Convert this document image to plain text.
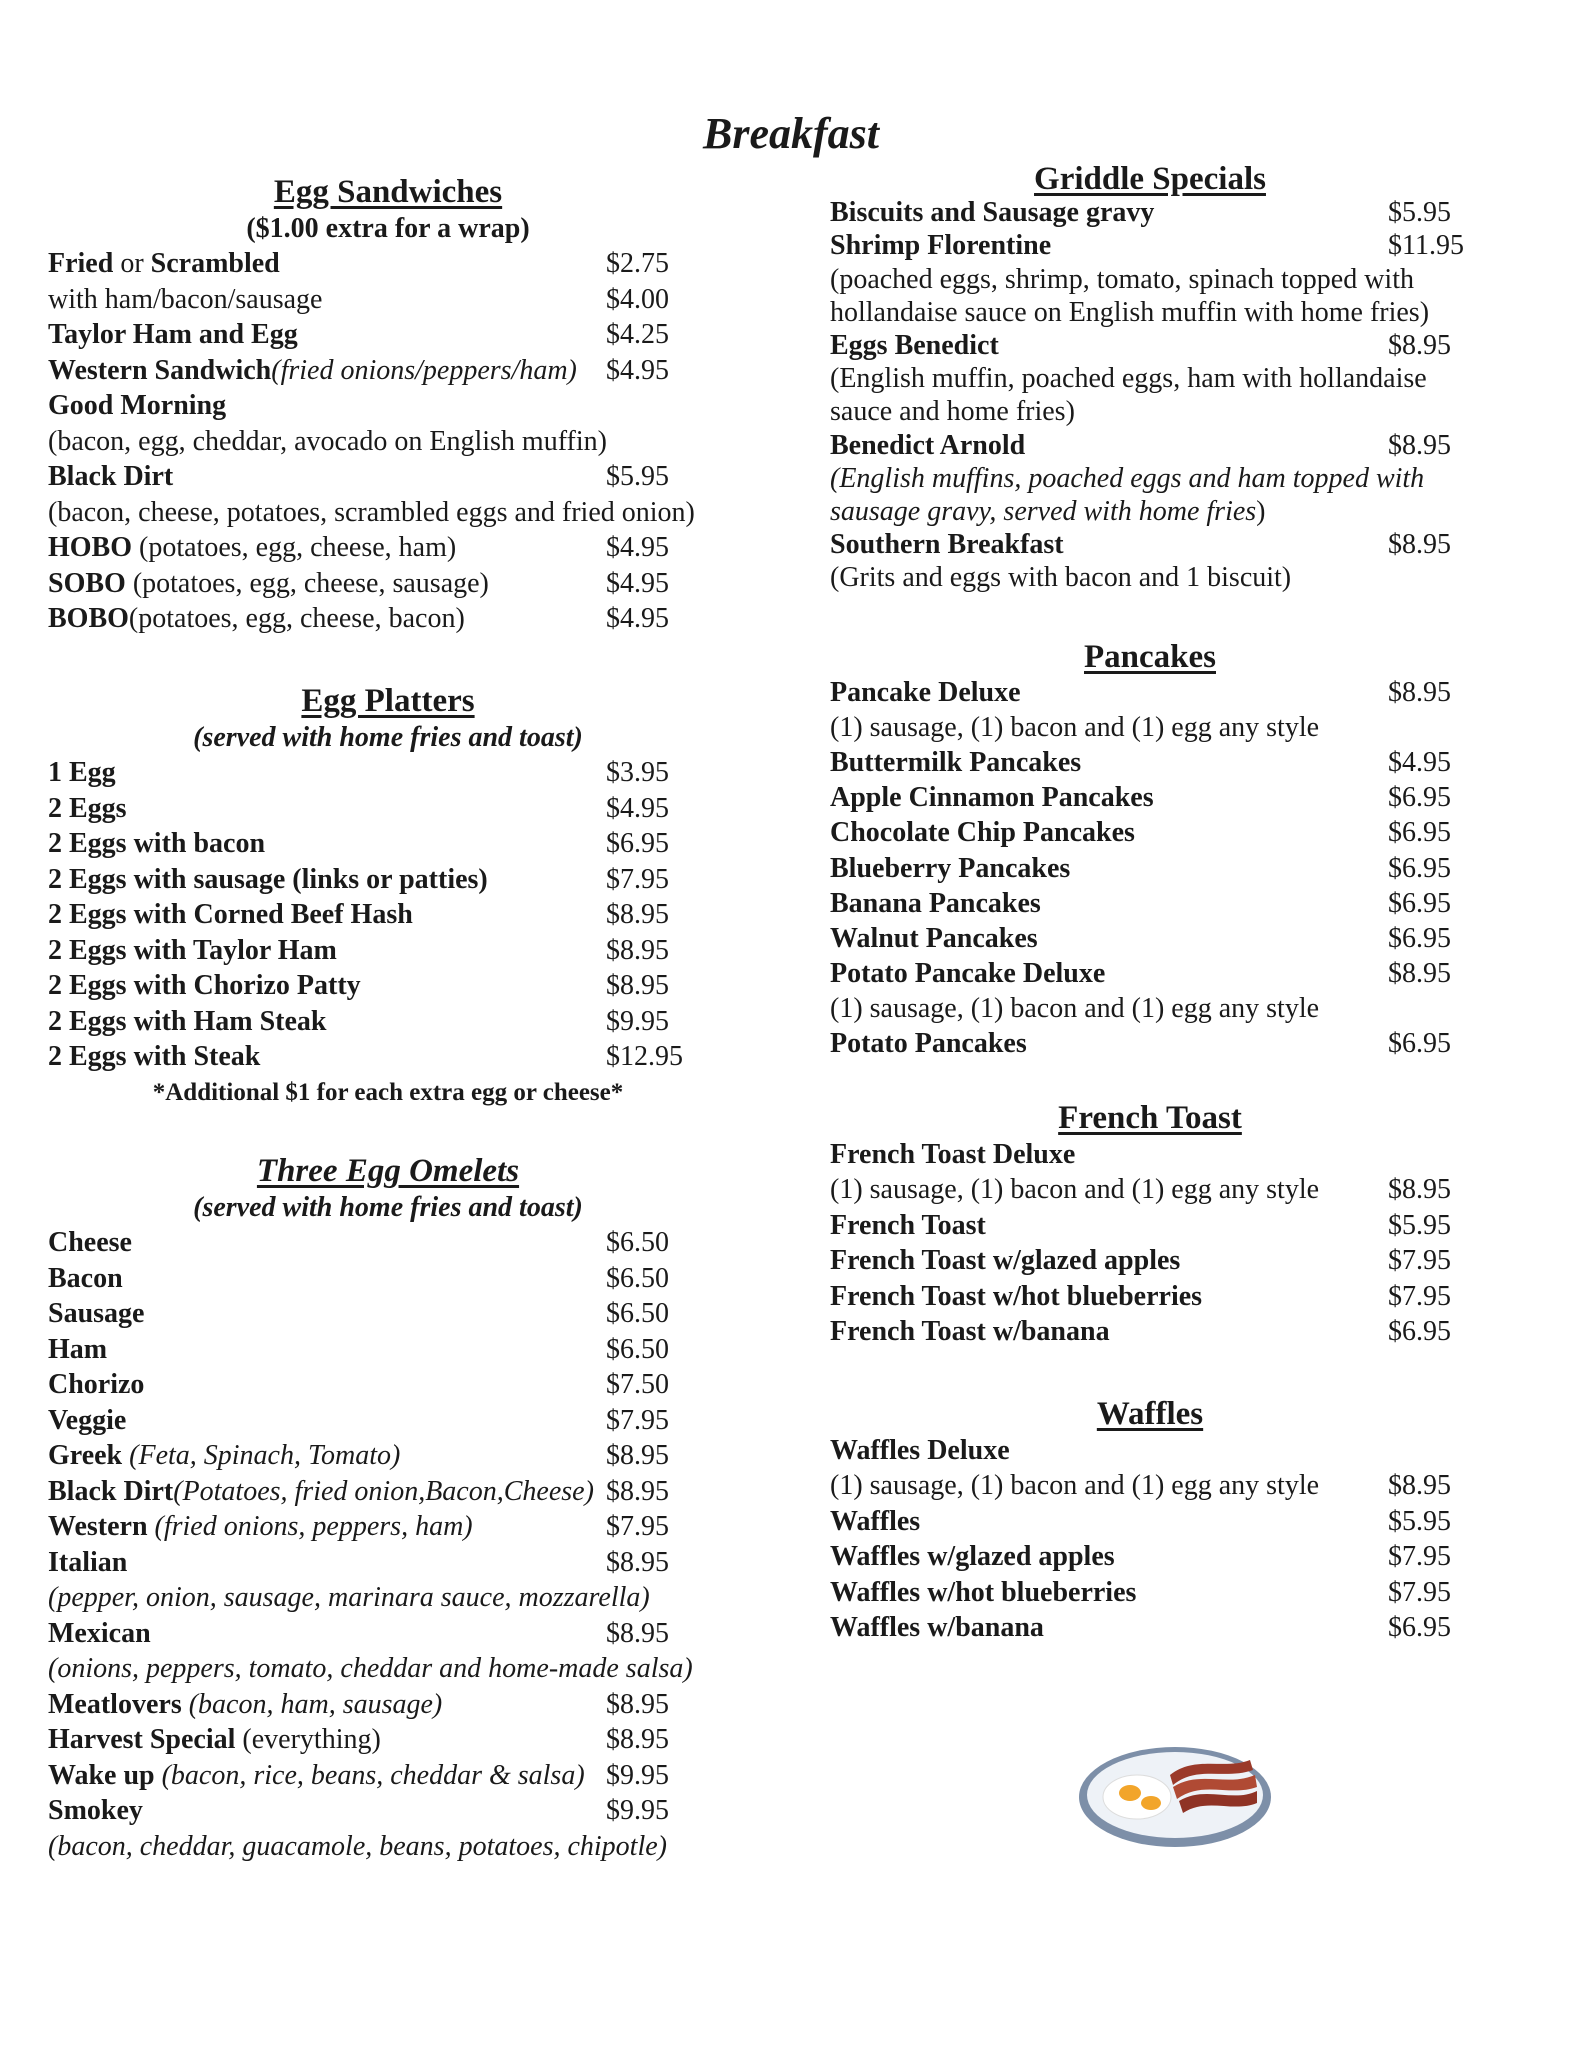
Breakfast
Egg Sandwiches
($1.00 extra for a wrap)
Fried or Scrambled	$2.75
with ham/bacon/sausage	$4.00
Taylor Ham and Egg	$4.25
Western Sandwich(fried onions/peppers/ham) $4.95
Good Morning
(bacon, egg, cheddar, avocado on English muffin)
Black Dirt	$5.95
(bacon, cheese, potatoes, scrambled eggs and fried onion)
HOBO (potatoes, egg, cheese, ham)	$4.95
SOBO (potatoes, egg, cheese, sausage)	$4.95
BOBO(potatoes, egg, cheese, bacon)	$4.95
Egg Platters
(served with home fries and toast)
1 Egg	$3.95
2 Eggs	$4.95
2 Eggs with bacon	$6.95
2 Eggs with sausage (links or patties)	$7.95
2 Eggs with Corned Beef Hash	$8.95
2 Eggs with Taylor Ham	$8.95
2 Eggs with Chorizo Patty	$8.95
2 Eggs with Ham Steak	$9.95
2 Eggs with Steak	$12.95
*Additional $1 for each extra egg or cheese*
Three Egg Omelets
(served with home fries and toast)
Cheese	$6.50
Bacon	$6.50
Sausage	$6.50
Ham	$6.50
Chorizo	$7.50
Veggie	$7.95
Greek (Feta, Spinach, Tomato)	$8.95
Black Dirt(Potatoes, fried onion,Bacon,Cheese) $8.95
Western (fried onions, peppers, ham)	$7.95
Italian	$8.95
(pepper, onion, sausage, marinara sauce, mozzarella)
Mexican	$8.95
(onions, peppers, tomato, cheddar and home-made salsa)
Meatlovers (bacon, ham, sausage)	$8.95
Harvest Special (everything)	$8.95
Wake up (bacon, rice, beans, cheddar & salsa) $9.95
Smokey	$9.95
(bacon, cheddar, guacamole, beans, potatoes, chipotle)
Griddle Specials
Biscuits and Sausage gravy	$5.95
Shrimp Florentine	$11.95
(poached eggs, shrimp, tomato, spinach topped with
hollandaise sauce on English muffin with home fries)
Eggs Benedict	$8.95
(English muffin, poached eggs, ham with hollandaise
sauce and home fries)
Benedict Arnold	$8.95
(English muffins, poached eggs and ham topped with
sausage gravy, served with home fries)
Southern Breakfast	$8.95
(Grits and eggs with bacon and 1 biscuit)
Pancakes
Pancake Deluxe	$8.95
(1) sausage, (1) bacon and (1) egg any style
Buttermilk Pancakes	$4.95
Apple Cinnamon Pancakes	$6.95
Chocolate Chip Pancakes	$6.95
Blueberry Pancakes	$6.95
Banana Pancakes	$6.95
Walnut Pancakes	$6.95
Potato Pancake Deluxe	$8.95
(1) sausage, (1) bacon and (1) egg any style
Potato Pancakes	$6.95
French Toast
French Toast Deluxe
(1) sausage, (1) bacon and (1) egg any style $8.95
French Toast	$5.95
French Toast w/glazed apples	$7.95
French Toast w/hot blueberries	$7.95
French Toast w/banana	$6.95
Waffles
Waffles Deluxe
(1) sausage, (1) bacon and (1) egg any style $8.95
Waffles	$5.95
Waffles w/glazed apples	$7.95
Waffles w/hot blueberries	$7.95
Waffles w/banana	$6.95
